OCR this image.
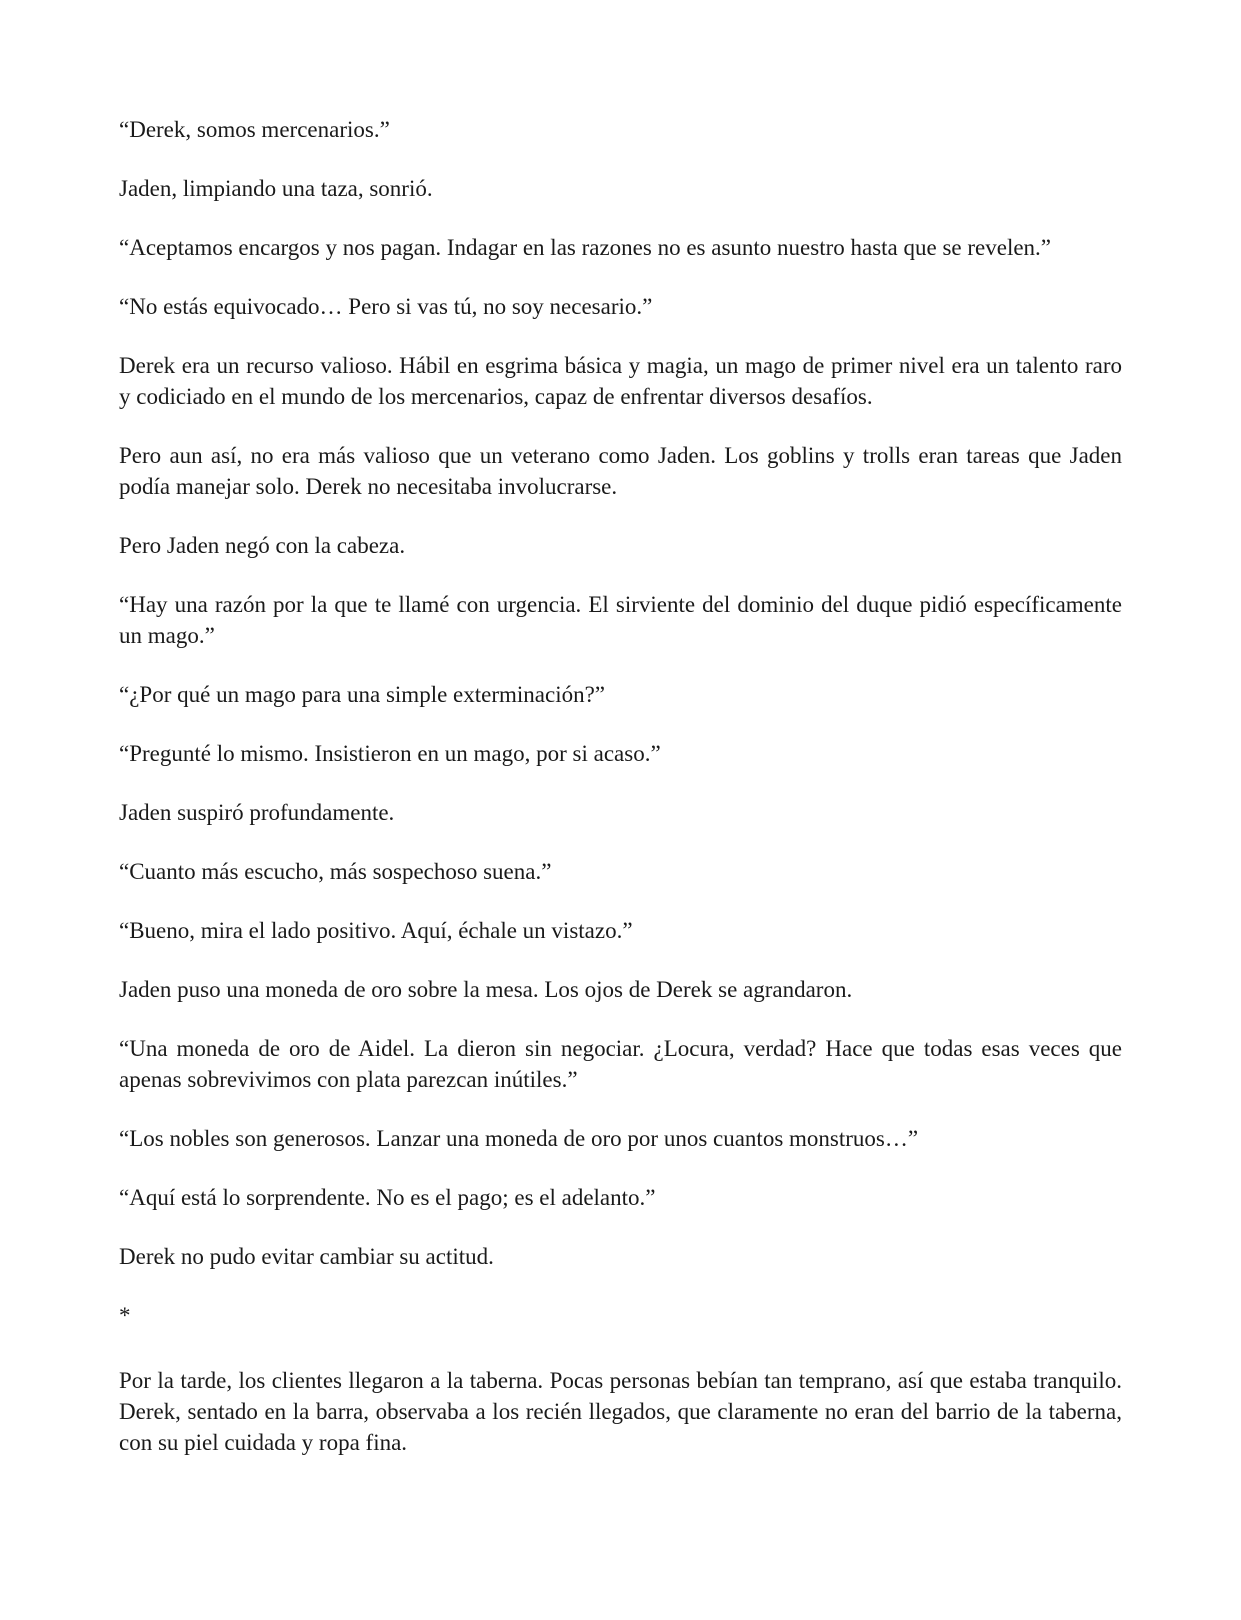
“Derek, somos mercenarios.”

Jaden, limpiando una taza, sonrió.

“Aceptamos encargos y nos pagan. Indagar en las razones no es asunto nuestro hasta que se revelen.”

“No estás equivocado… Pero si vas tú, no soy necesario.”

Derek era un recurso valioso. Hábil en esgrima básica y magia, un mago de primer nivel era un talento raro y codiciado en el mundo de los mercenarios, capaz de enfrentar diversos desafíos.

Pero aun así, no era más valioso que un veterano como Jaden. Los goblins y trolls eran tareas que Jaden podía manejar solo. Derek no necesitaba involucrarse.

Pero Jaden negó con la cabeza.

“Hay una razón por la que te llamé con urgencia. El sirviente del dominio del duque pidió específicamente un mago.”

“¿Por qué un mago para una simple exterminación?”

“Pregunté lo mismo. Insistieron en un mago, por si acaso.”

Jaden suspiró profundamente.

“Cuanto más escucho, más sospechoso suena.”

“Bueno, mira el lado positivo. Aquí, échale un vistazo.”

Jaden puso una moneda de oro sobre la mesa. Los ojos de Derek se agrandaron.

“Una moneda de oro de Aidel. La dieron sin negociar. ¿Locura, verdad? Hace que todas esas veces que apenas sobrevivimos con plata parezcan inútiles.”

“Los nobles son generosos. Lanzar una moneda de oro por unos cuantos monstruos…”

“Aquí está lo sorprendente. No es el pago; es el adelanto.”

Derek no pudo evitar cambiar su actitud.

*

Por la tarde, los clientes llegaron a la taberna. Pocas personas bebían tan temprano, así que estaba tranquilo. Derek, sentado en la barra, observaba a los recién llegados, que claramente no eran del barrio de la taberna, con su piel cuidada y ropa fina.
